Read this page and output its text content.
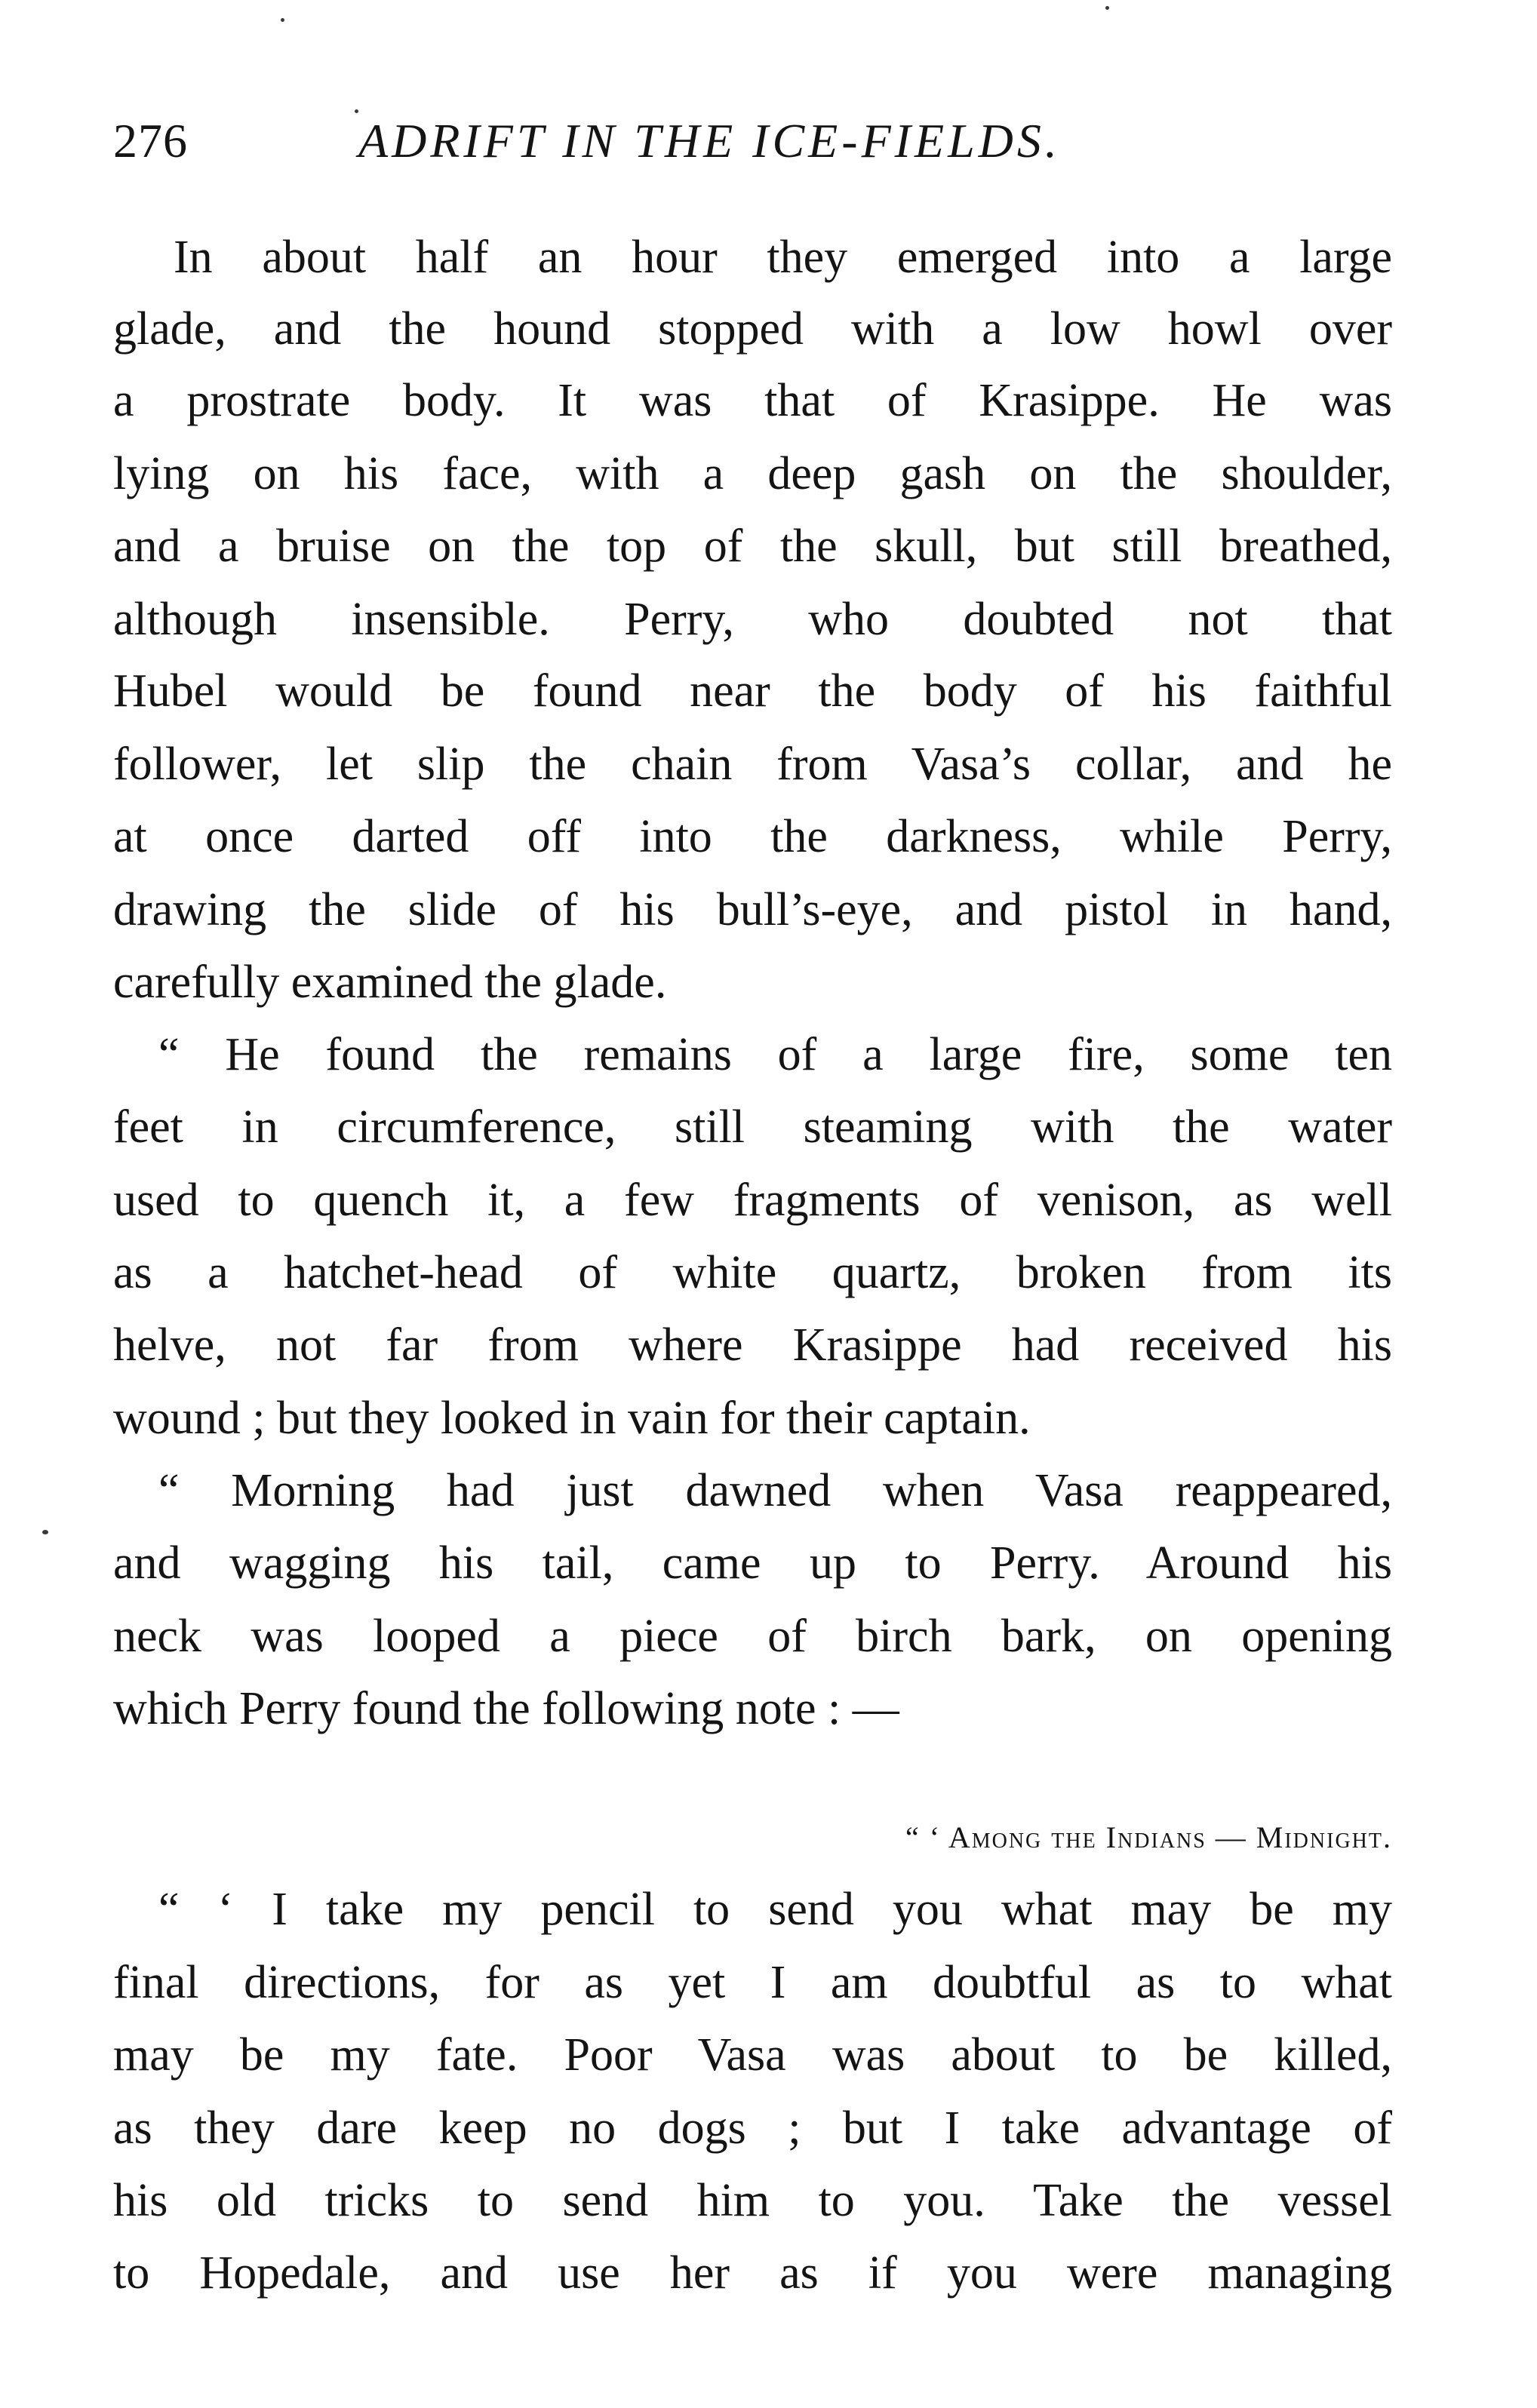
276	ADRIFT IN THE ICE-FIELDS.
In about half an hour they emerged into a large
glade, and the hound stopped with a low howl over
a prostrate body. It was that of Krasippe. He was
lying on his face, with a deep gash on the shoulder,
and a bruise on the top of the skull, but still breathed,
although insensible. Perry, who doubted not that
Hubel would be found near the body of his faithful
follower, let slip the chain from Vasa’s collar, and he
at once darted off into the darkness, while Perry,
drawing the slide of his bull’s-eye, and pistol in hand,
carefully examined the glade.
“ He found the remains of a large fire, some ten
feet in circumference, still steaming with the water
used to quench it, a few fragments of venison, as well
as a hatchet-head of white quartz, broken from its
helve, not far from where Krasippe had received his
wound ; but they looked in vain for their captain.
“ Morning had just dawned when Vasa reappeared,
and wagging his tail, came up to Perry. Around his
neck was looped a piece of birch bark, on opening
which Perry found the following note : —
“ ‘ Among the Indians — Midnight.
“ ‘ I take my pencil to send you what may be my
final directions, for as yet I am doubtful as to what
may be my fate. Poor Vasa was about to be killed,
as they dare keep no dogs ; but I take advantage of
his old tricks to send him to you. Take the vessel
to Hopedale, and use her as if you were managing
